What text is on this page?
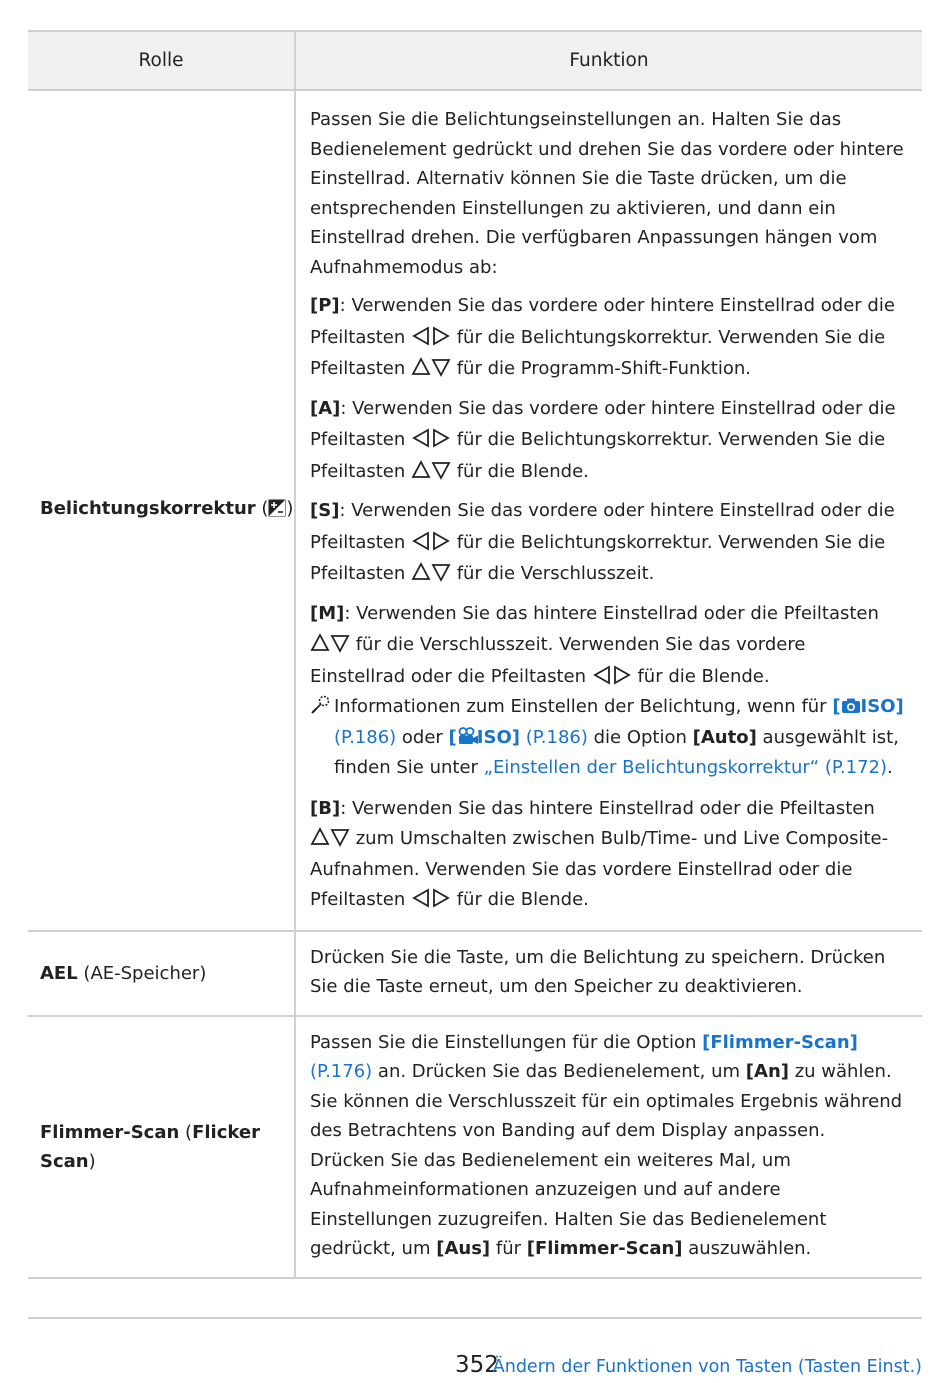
Rolle	Funktion
Belichtungskorrektur ( )

Passen Sie die Belichtungseinstellungen an. Halten Sie das Bedienelement gedrückt und drehen Sie das vordere oder hintere Einstellrad. Alternativ können Sie die Taste drücken, um die entsprechenden Einstellungen zu aktivieren, und dann ein Einstellrad drehen. Die verfügbaren Anpassungen hängen vom Aufnahmemodus ab:

[P]: Verwenden Sie das vordere oder hintere Einstellrad oder die Pfeiltasten
für die Belichtungskorrektur. Verwenden Sie die Pfeiltasten
für die Programm-Shift-Funktion.

[A]: Verwenden Sie das vordere oder hintere Einstellrad oder die Pfeiltasten
für die Belichtungskorrektur. Verwenden Sie die Pfeiltasten
für die Blende.

[S]: Verwenden Sie das vordere oder hintere Einstellrad oder die Pfeiltasten
für die Belichtungskorrektur. Verwenden Sie die Pfeiltasten
für die Verschlusszeit.

[M]: Verwenden Sie das hintere Einstellrad oder die Pfeiltasten
für die Verschlusszeit. Verwenden Sie das vordere Einstellrad oder die Pfeiltasten
für die Blende.

Informationen zum Einstellen der Belichtung, wenn für [ ISO] (P.186) oder [ ISO] (P.186) die Option [Auto] ausgewählt ist, finden Sie unter „Einstellen der Belichtungskorrektur“ (P.172).

[B]: Verwenden Sie das hintere Einstellrad oder die Pfeiltasten
zum Umschalten zwischen Bulb/Time- und Live Composite-Aufnahmen. Verwenden Sie das vordere Einstellrad oder die Pfeiltasten
für die Blende.

AEL (AE-Speicher)

Drücken Sie die Taste, um die Belichtung zu speichern. Drücken Sie die Taste erneut, um den Speicher zu deaktivieren.

Flimmer-Scan (Flicker Scan)

Passen Sie die Einstellungen für die Option [Flimmer-Scan] (P.176) an. Drücken Sie das Bedienelement, um [An] zu wählen. Sie können die Verschlusszeit für ein optimales Ergebnis während des Betrachtens von Banding auf dem Display anpassen. Drücken Sie das Bedienelement ein weiteres Mal, um Aufnahmeinformationen anzuzeigen und auf andere Einstellungen zuzugreifen. Halten Sie das Bedienelement gedrückt, um [Aus] für [Flimmer-Scan] auszuwählen.

352
Ändern der Funktionen von Tasten (Tasten Einst.)
